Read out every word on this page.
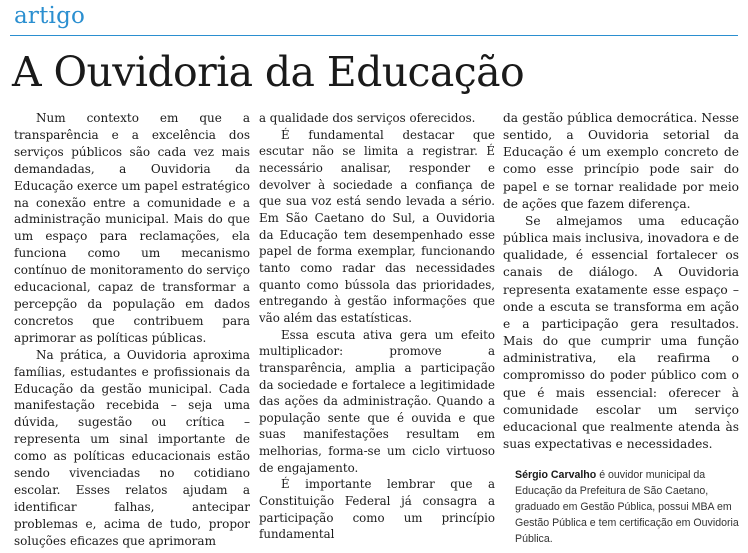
artigo
A Ouvidoria da Educação

Num contexto em que a transparência e a excelência dos serviços públicos são cada vez mais demandadas, a Ouvidoria da Educação exerce um papel estratégico na conexão entre a comunidade e a administração municipal. Mais do que um espaço para reclamações, ela funciona como um mecanismo contínuo de monitoramento do serviço educacional, capaz de transformar a percepção da população em dados concretos que contribuem para aprimorar as políticas públicas.

Na prática, a Ouvidoria aproxima famílias, estudantes e profissionais da Educação da gestão municipal. Cada manifestação recebida – seja uma dúvida, sugestão ou crítica – representa um sinal importante de como as políticas educacionais estão sendo vivenciadas no cotidiano escolar. Esses relatos ajudam a identificar falhas, antecipar problemas e, acima de tudo, propor soluções eficazes que aprimoram

a qualidade dos serviços oferecidos.

É fundamental destacar que escutar não se limita a registrar. É necessário analisar, responder e devolver à sociedade a confiança de que sua voz está sendo levada a sério. Em São Caetano do Sul, a Ouvidoria da Educação tem desempenhado esse papel de forma exemplar, funcionando tanto como radar das necessidades quanto como bússola das prioridades, entregando à gestão informações que vão além das estatísticas.

Essa escuta ativa gera um efeito multiplicador: promove a transparência, amplia a participação da sociedade e fortalece a legitimidade das ações da administração. Quando a população sente que é ouvida e que suas manifestações resultam em melhorias, forma-se um ciclo virtuoso de engajamento.

É importante lembrar que a Constituição Federal já consagra a participação como um princípio fundamental

da gestão pública democrática. Nesse sentido, a Ouvidoria setorial da Educação é um exemplo concreto de como esse princípio pode sair do papel e se tornar realidade por meio de ações que fazem diferença.

Se almejamos uma educação pública mais inclusiva, inovadora e de qualidade, é essencial fortalecer os canais de diálogo. A Ouvidoria representa exatamente esse espaço – onde a escuta se transforma em ação e a participação gera resultados. Mais do que cumprir uma função administrativa, ela reafirma o compromisso do poder público com o que é mais essencial: oferecer à comunidade escolar um serviço educacional que realmente atenda às suas expectativas e necessidades.

Sérgio Carvalho é ouvidor municipal da Educação da Prefeitura de São Caetano, graduado em Gestão Pública, possui MBA em Gestão Pública e tem certificação em Ouvidoria Pública.
